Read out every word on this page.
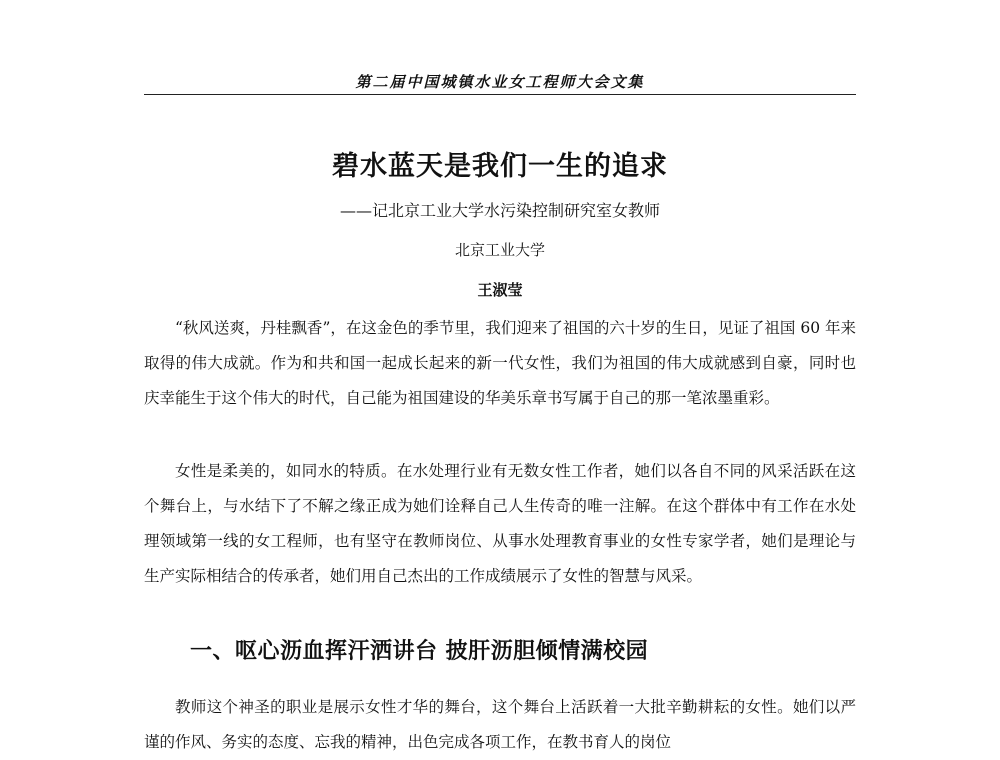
第二届中国城镇水业女工程师大会文集
碧水蓝天是我们一生的追求
——记北京工业大学水污染控制研究室女教师
北京工业大学
王淑莹

“秋风送爽，丹桂飘香”，在这金色的季节里，我们迎来了祖国的六十岁的生日，见证了祖国 60 年来取得的伟大成就。作为和共和国一起成长起来的新一代女性，我们为祖国的伟大成就感到自豪，同时也庆幸能生于这个伟大的时代，自己能为祖国建设的华美乐章书写属于自己的那一笔浓墨重彩。

女性是柔美的，如同水的特质。在水处理行业有无数女性工作者，她们以各自不同的风采活跃在这个舞台上，与水结下了不解之缘正成为她们诠释自己人生传奇的唯一注解。在这个群体中有工作在水处理领域第一线的女工程师，也有坚守在教师岗位、从事水处理教育事业的女性专家学者，她们是理论与生产实际相结合的传承者，她们用自己杰出的工作成绩展示了女性的智慧与风采。

一、呕心沥血挥汗洒讲台 披肝沥胆倾情满校园

教师这个神圣的职业是展示女性才华的舞台，这个舞台上活跃着一大批辛勤耕耘的女性。她们以严谨的作风、务实的态度、忘我的精神，出色完成各项工作，在教书育人的岗位
